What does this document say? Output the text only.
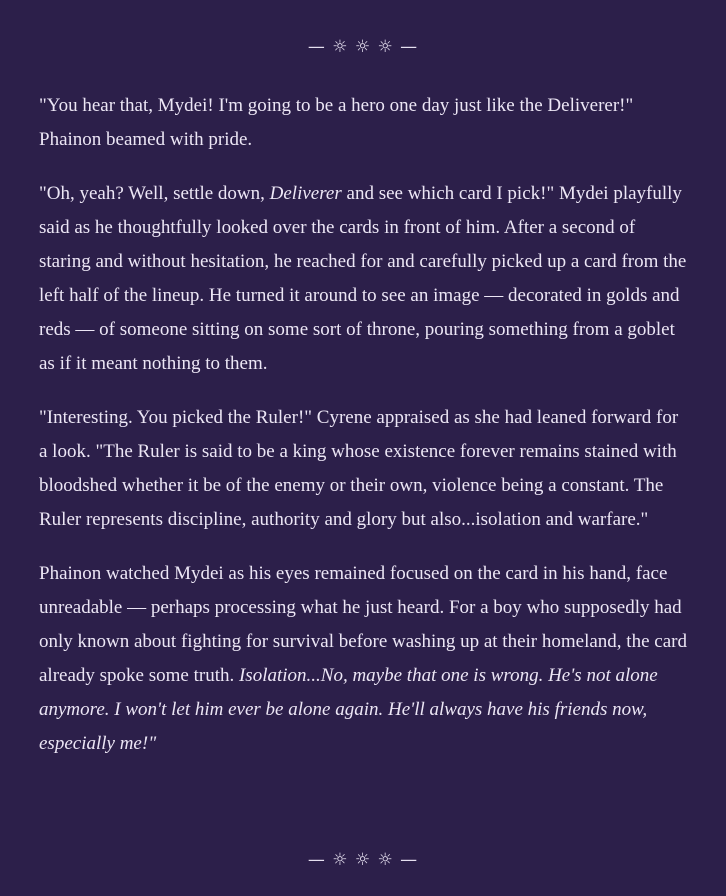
— ☼ ☼ ☼ —

"You hear that, Mydei! I'm going to be a hero one day just like the Deliverer!" Phainon beamed with pride.

"Oh, yeah? Well, settle down, Deliverer and see which card I pick!" Mydei playfully said as he thoughtfully looked over the cards in front of him. After a second of staring and without hesitation, he reached for and carefully picked up a card from the left half of the lineup. He turned it around to see an image — decorated in golds and reds — of someone sitting on some sort of throne, pouring something from a goblet as if it meant nothing to them.

"Interesting. You picked the Ruler!" Cyrene appraised as she had leaned forward for a look. "The Ruler is said to be a king whose existence forever remains stained with bloodshed whether it be of the enemy or their own, violence being a constant. The Ruler represents discipline, authority and glory but also...isolation and warfare."

Phainon watched Mydei as his eyes remained focused on the card in his hand, face unreadable — perhaps processing what he just heard. For a boy who supposedly had only known about fighting for survival before washing up at their homeland, the card already spoke some truth. Isolation...No, maybe that one is wrong. He's not alone anymore. I won't let him ever be alone again. He'll always have his friends now, especially me!"

— ☼ ☼ ☼ —
